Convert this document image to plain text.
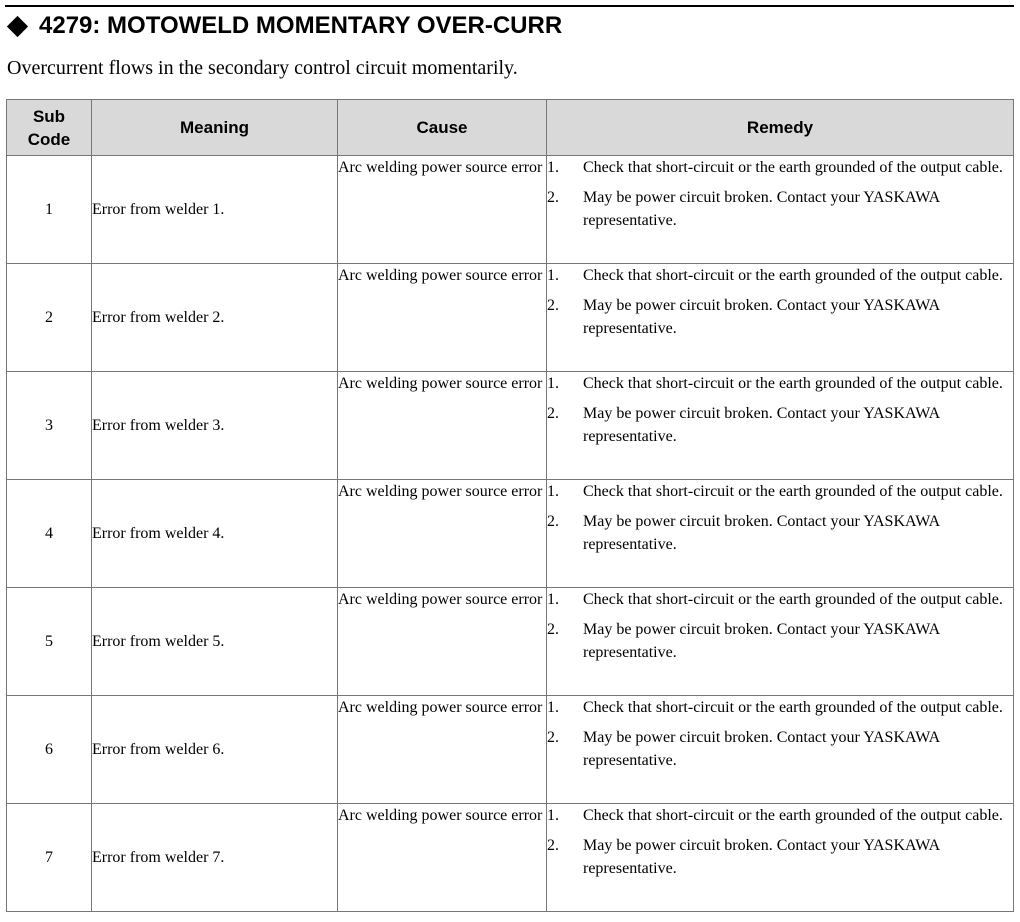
4279: MOTOWELD MOMENTARY OVER-CURR
Overcurrent flows in the secondary control circuit momentarily.
Sub
Code	Meaning	Cause	Remedy
1	Error from welder 1.	Arc welding power source error	1. Check that short-circuit or the earth grounded of the output cable.
2. May be power circuit broken. Contact your YASKAWA representative.

2	Error from welder 2.	Arc welding power source error	1. Check that short-circuit or the earth grounded of the output cable.
2. May be power circuit broken. Contact your YASKAWA representative.

3	Error from welder 3.	Arc welding power source error	1. Check that short-circuit or the earth grounded of the output cable.
2. May be power circuit broken. Contact your YASKAWA representative.

4	Error from welder 4.	Arc welding power source error	1. Check that short-circuit or the earth grounded of the output cable.
2. May be power circuit broken. Contact your YASKAWA representative.

5	Error from welder 5.	Arc welding power source error	1. Check that short-circuit or the earth grounded of the output cable.
2. May be power circuit broken. Contact your YASKAWA representative.

6	Error from welder 6.	Arc welding power source error	1. Check that short-circuit or the earth grounded of the output cable.
2. May be power circuit broken. Contact your YASKAWA representative.

7	Error from welder 7.	Arc welding power source error	1. Check that short-circuit or the earth grounded of the output cable.
2. May be power circuit broken. Contact your YASKAWA representative.
